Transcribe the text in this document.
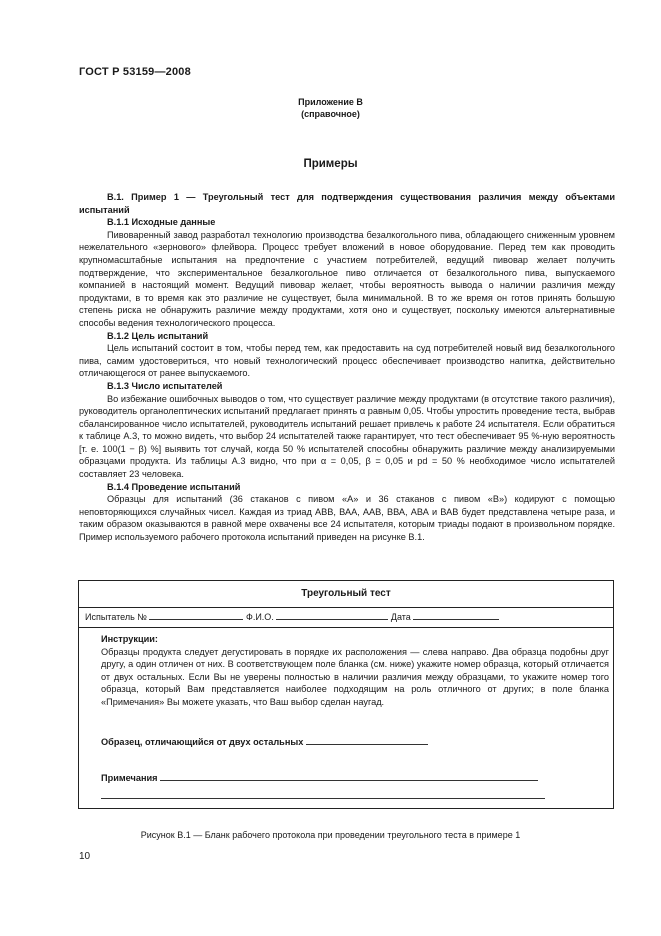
ГОСТ Р 53159—2008
Приложение В
(справочное)
Примеры

В.1. Пример 1 — Треугольный тест для подтверждения существования различия между объектами испытаний

В.1.1 Исходные данные

Пивоваренный завод разработал технологию производства безалкогольного пива, обладающего сниженным уровнем нежелательного «зернового» флейвора. Процесс требует вложений в новое оборудование. Перед тем как проводить крупномасштабные испытания на предпочтение с участием потребителей, ведущий пивовар желает получить подтверждение, что экспериментальное безалкогольное пиво отличается от безалкогольного пива, выпускаемого компанией в настоящий момент. Ведущий пивовар желает, чтобы вероятность вывода о наличии различия между продуктами, в то время как это различие не существует, была минимальной. В то же время он готов принять большую степень риска не обнаружить различие между продуктами, хотя оно и существует, поскольку имеются альтернативные способы ведения технологического процесса.

В.1.2 Цель испытаний

Цель испытаний состоит в том, чтобы перед тем, как предоставить на суд потребителей новый вид безалкогольного пива, самим удостовериться, что новый технологический процесс обеспечивает производство напитка, действительно отличающегося от ранее выпускаемого.

В.1.3 Число испытателей

Во избежание ошибочных выводов о том, что существует различие между продуктами (в отсутствие такого различия), руководитель органолептических испытаний предлагает принять α равным 0,05. Чтобы упростить проведение теста, выбрав сбалансированное число испытателей, руководитель испытаний решает привлечь к работе 24 испытателя. Если обратиться к таблице А.3, то можно видеть, что выбор 24 испытателей также гарантирует, что тест обеспечивает 95 %-ную вероятность [т. е. 100(1 − β) %] выявить тот случай, когда 50 % испытателей способны обнаружить различие между анализируемыми образцами продукта. Из таблицы А.3 видно, что при α = 0,05, β = 0,05 и pd = 50 % необходимое число испытателей составляет 23 человека.

В.1.4 Проведение испытаний

Образцы для испытаний (36 стаканов с пивом «А» и 36 стаканов с пивом «В») кодируют с помощью неповторяющихся случайных чисел. Каждая из триад АВВ, ВАА, ААВ, ВВА, АВА и ВАВ будет представлена четыре раза, и таким образом оказываются в равной мере охвачены все 24 испытателя, которым триады подают в произвольном порядке. Пример используемого рабочего протокола испытаний приведен на рисунке В.1.

Треугольный тест
Испытатель №	Ф.И.О.	Дата

Инструкции:

Образцы продукта следует дегустировать в порядке их расположения — слева направо. Два образца подобны друг другу, а один отличен от них. В соответствующем поле бланка (см. ниже) укажите номер образца, который отличается от двух остальных. Если Вы не уверены полностью в наличии различия между образцами, то укажите номер того образца, который Вам представляется наиболее подходящим на роль отличного от других; в поле бланка «Примечания» Вы можете указать, что Ваш выбор сделан наугад.

Образец, отличающийся от двух остальных
Примечания

Рисунок В.1 — Бланк рабочего протокола при проведении треугольного теста в примере 1
10
